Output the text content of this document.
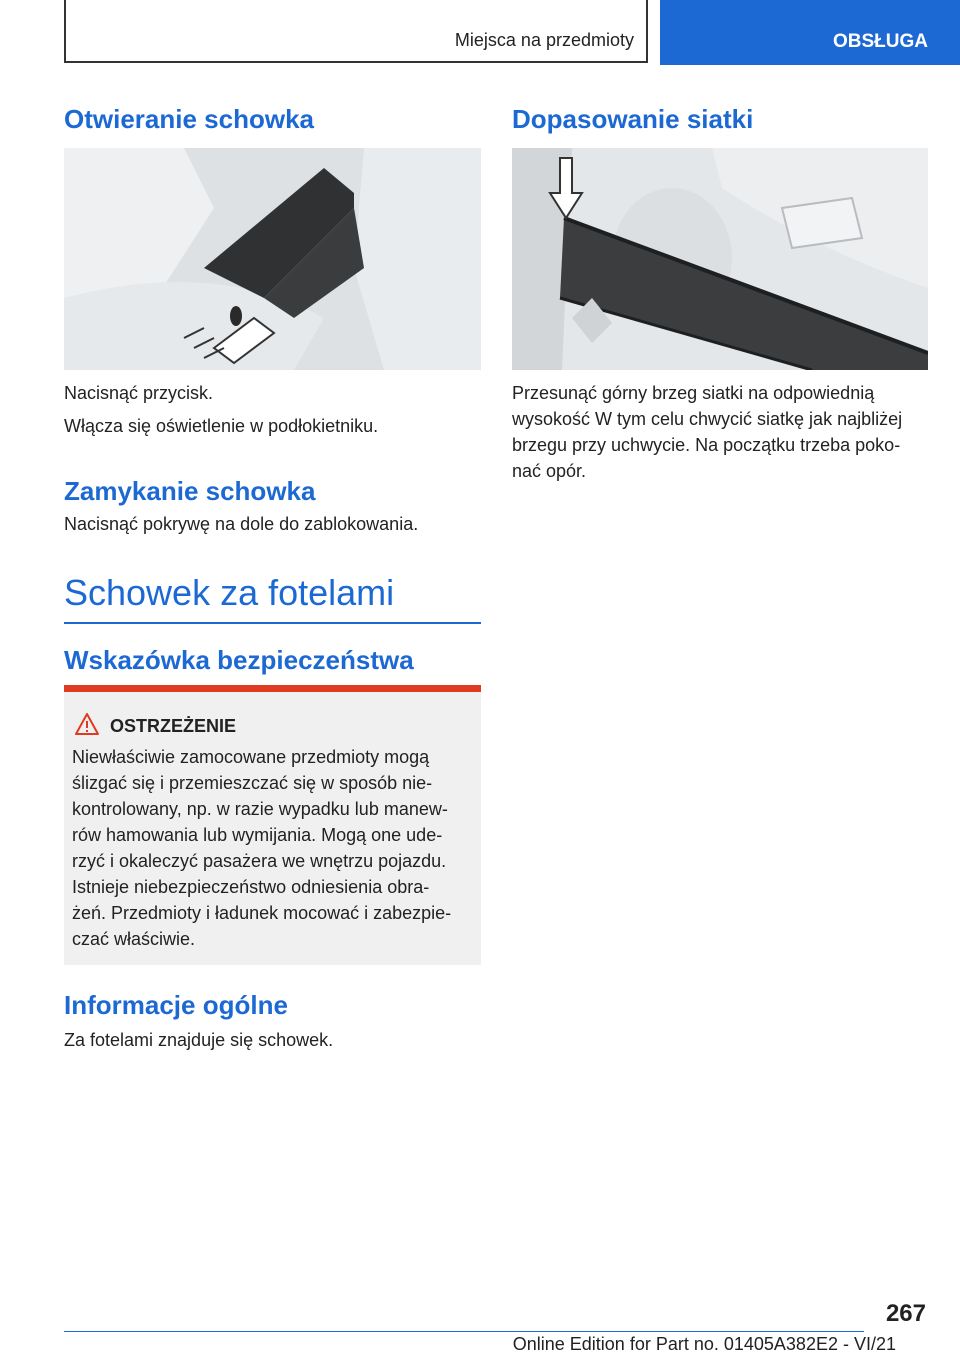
Miejsca na przedmioty	OBSŁUGA
Otwieranie schowka

Nacisnąć przycisk.

Włącza się oświetlenie w podłokietniku.

Zamykanie schowka

Nacisnąć pokrywę na dole do zablokowania.

Schowek za fotelami
Wskazówka bezpieczeństwa
OSTRZEŻENIE

Niewłaściwie zamocowane przedmioty mogą
ślizgać się i przemieszczać się w sposób nie-
kontrolowany, np. w razie wypadku lub manew-
rów hamowania lub wymijania. Mogą one ude-
rzyć i okaleczyć pasażera we wnętrzu pojazdu.
Istnieje niebezpieczeństwo odniesienia obra-
żeń. Przedmioty i ładunek mocować i zabezpie-
czać właściwie.

Informacje ogólne

Za fotelami znajduje się schowek.

Dopasowanie siatki

Przesunąć górny brzeg siatki na odpowiednią
wysokość W tym celu chwycić siatkę jak najbliżej
brzegu przy uchwycie. Na początku trzeba poko-
nać opór.

267
Online Edition for Part no. 01405A382E2 - VI/21
